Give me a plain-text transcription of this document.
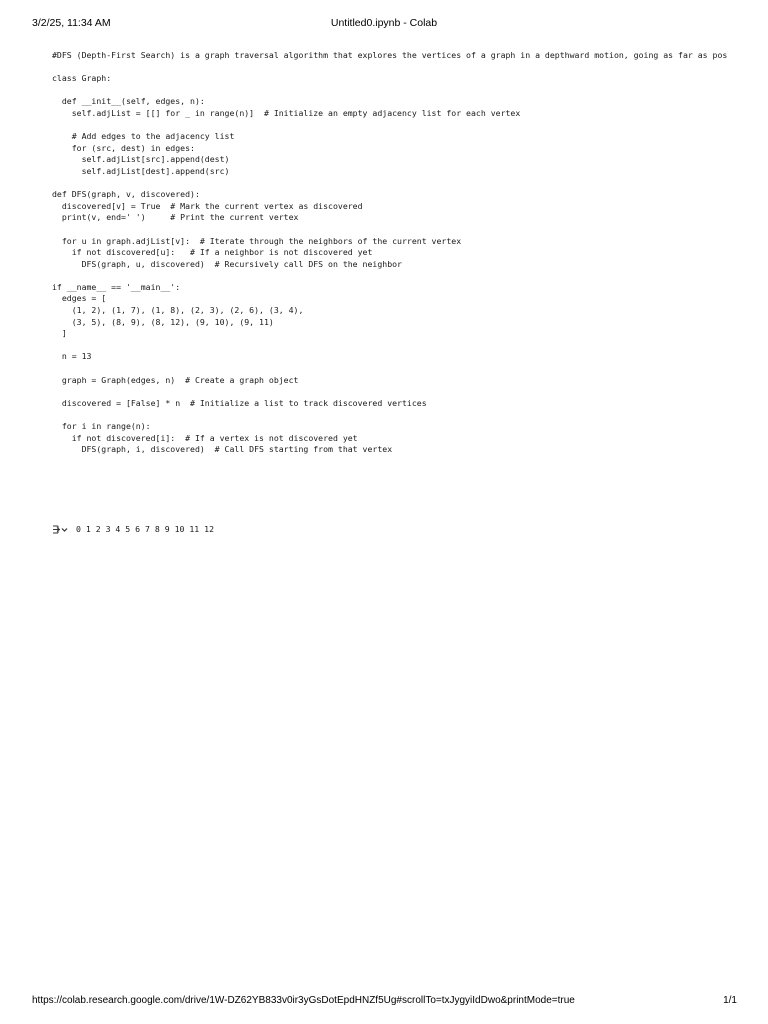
3/2/25, 11:34 AM	Untitled0.ipynb - Colab
#DFS (Depth-First Search) is a graph traversal algorithm that explores the vertices of a graph in a depthward motion, going as far as pos
class Graph:
def __init__(self, edges, n):
self.adjList = [[] for _ in range(n)]  # Initialize an empty adjacency list for each vertex
# Add edges to the adjacency list
for (src, dest) in edges:
self.adjList[src].append(dest)
self.adjList[dest].append(src)
def DFS(graph, v, discovered):
discovered[v] = True  # Mark the current vertex as discovered
print(v, end=' ')     # Print the current vertex
for u in graph.adjList[v]:  # Iterate through the neighbors of the current vertex
if not discovered[u]:   # If a neighbor is not discovered yet
DFS(graph, u, discovered)  # Recursively call DFS on the neighbor
if __name__ == '__main__':
edges = [
(1, 2), (1, 7), (1, 8), (2, 3), (2, 6), (3, 4),
(3, 5), (8, 9), (8, 12), (9, 10), (9, 11)
]
n = 13
graph = Graph(edges, n)  # Create a graph object
discovered = [False] * n  # Initialize a list to track discovered vertices
for i in range(n):
if not discovered[i]:  # If a vertex is not discovered yet
DFS(graph, i, discovered)  # Call DFS starting from that vertex
0 1 2 3 4 5 6 7 8 9 10 11 12
https://colab.research.google.com/drive/1W-DZ62YB833v0ir3yGsDotEpdHNZf5Ug#scrollTo=txJygyiIdDwo&printMode=true	1/1
